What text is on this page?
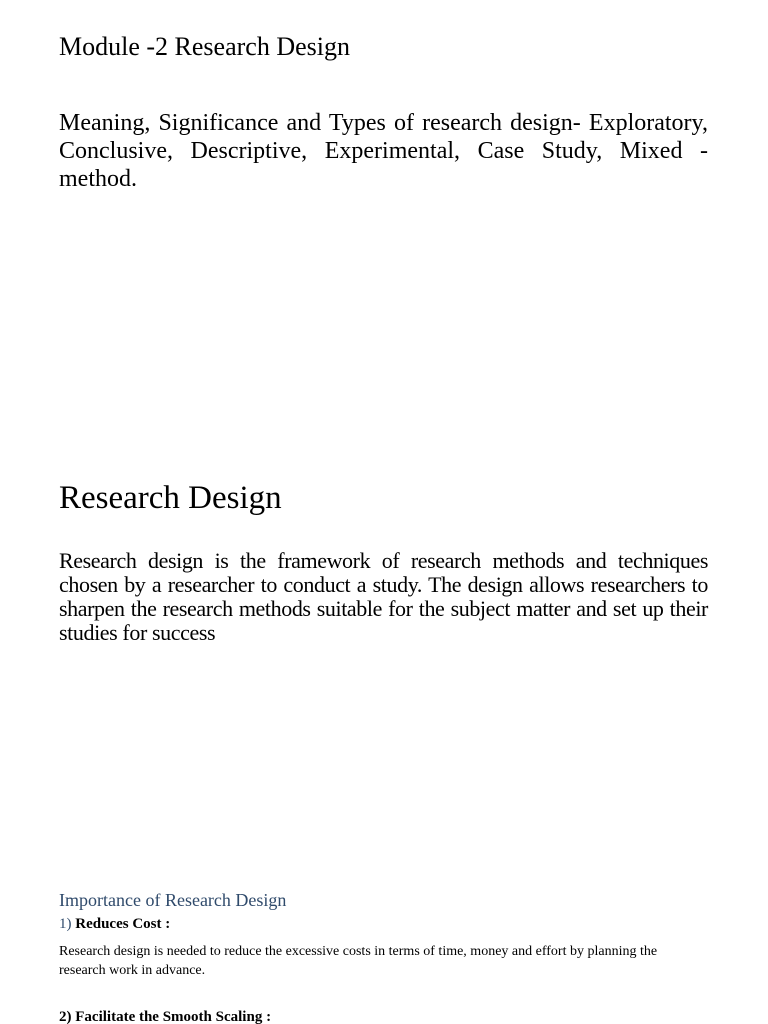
Module -2 Research Design
Meaning, Significance and Types of research design- Exploratory, Conclusive, Descriptive, Experimental, Case Study, Mixed -method.
Research Design
Research design is the framework of research methods and techniques chosen by a researcher to conduct a study. The design allows researchers to sharpen the research methods suitable for the subject matter and set up their studies for success
Importance of Research Design
1) Reduces Cost :
Research design is needed to reduce the excessive costs in terms of time, money and effort by planning the research work in advance.
2) Facilitate the Smooth Scaling :
